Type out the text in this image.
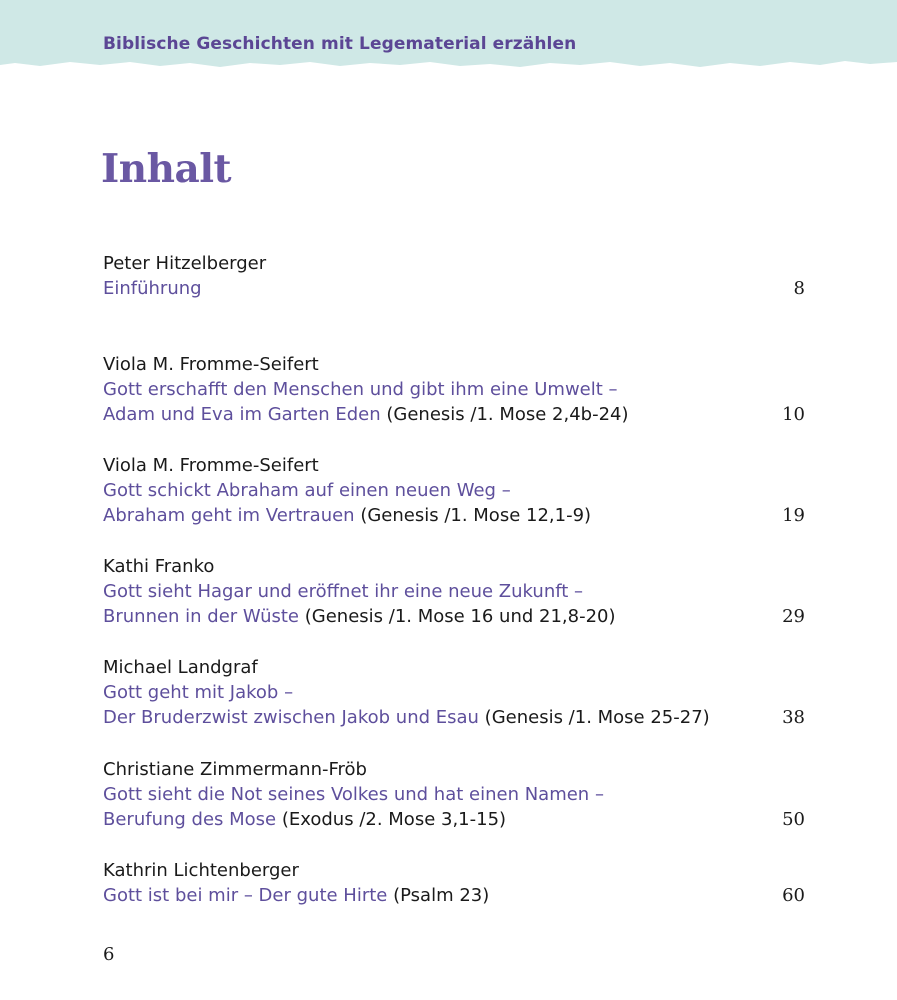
Biblische Geschichten mit Legematerial erzählen
Inhalt
Peter Hitzelberger
Einführung	8
Viola M. Fromme-Seifert
Gott erschafft den Menschen und gibt ihm eine Umwelt –
Adam und Eva im Garten Eden (Genesis /1. Mose 2,4b-24)	10
Viola M. Fromme-Seifert
Gott schickt Abraham auf einen neuen Weg –
Abraham geht im Vertrauen (Genesis /1. Mose 12,1-9)	19
Kathi Franko
Gott sieht Hagar und eröffnet ihr eine neue Zukunft –
Brunnen in der Wüste (Genesis /1. Mose 16 und 21,8-20)	29
Michael Landgraf
Gott geht mit Jakob –
Der Bruderzwist zwischen Jakob und Esau (Genesis /1. Mose 25-27)	38
Christiane Zimmermann-Fröb
Gott sieht die Not seines Volkes und hat einen Namen –
Berufung des Mose (Exodus /2. Mose 3,1-15)	50
Kathrin Lichtenberger
Gott ist bei mir – Der gute Hirte (Psalm 23)	60
6
